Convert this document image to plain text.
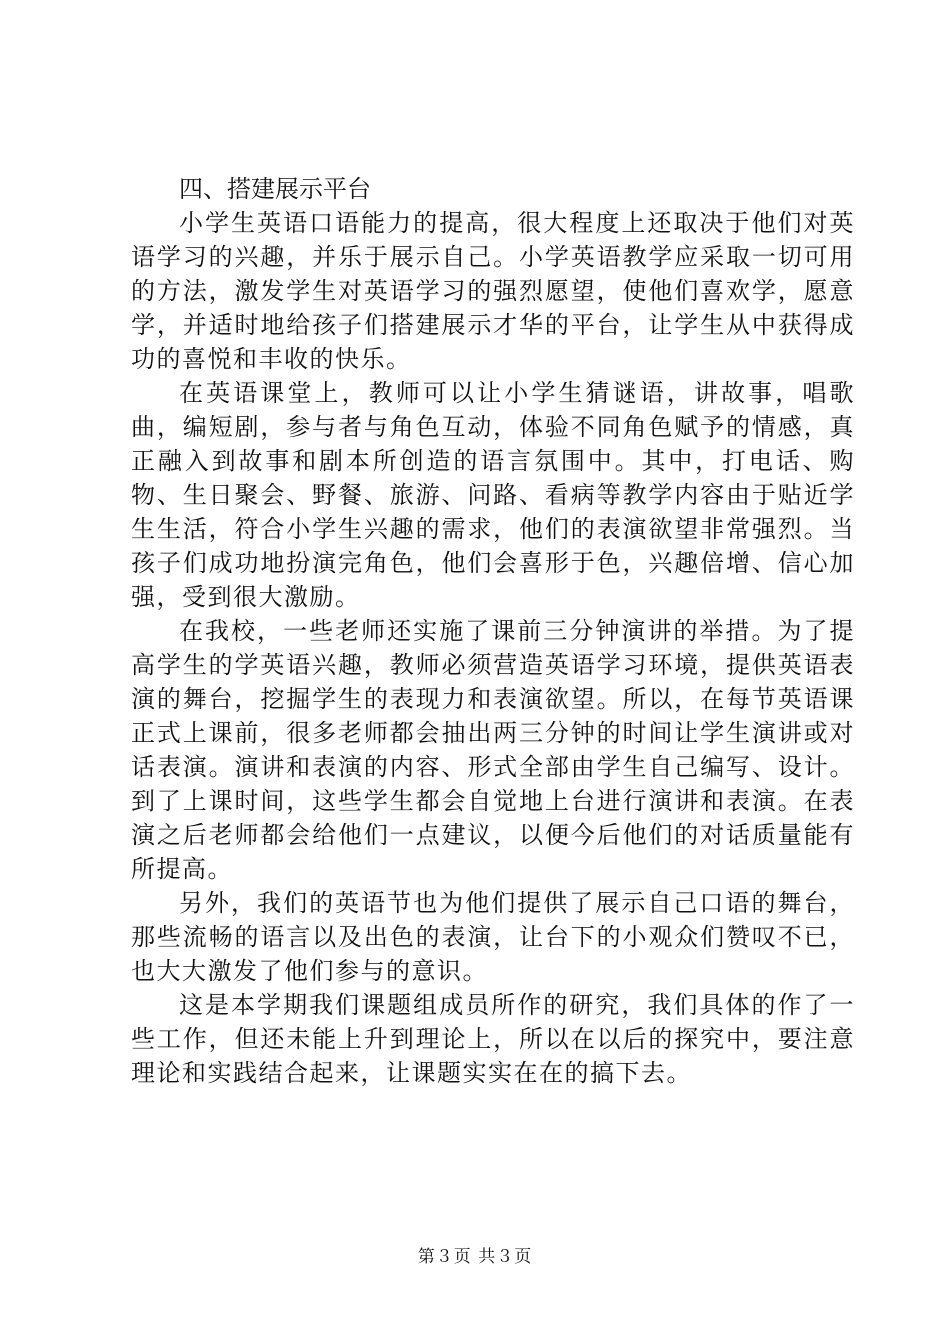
四、搭建展示平台

小学生英语口语能力的提高，很大程度上还取决于他们对英语学习的兴趣，并乐于展示自己。小学英语教学应采取一切可用的方法，激发学生对英语学习的强烈愿望，使他们喜欢学，愿意学，并适时地给孩子们搭建展示才华的平台，让学生从中获得成功的喜悦和丰收的快乐。

在英语课堂上，教师可以让小学生猜谜语，讲故事，唱歌曲，编短剧，参与者与角色互动，体验不同角色赋予的情感，真正融入到故事和剧本所创造的语言氛围中。其中，打电话、购物、生日聚会、野餐、旅游、问路、看病等教学内容由于贴近学生生活，符合小学生兴趣的需求，他们的表演欲望非常强烈。当孩子们成功地扮演完角色，他们会喜形于色，兴趣倍增、信心加强，受到很大激励。

在我校，一些老师还实施了课前三分钟演讲的举措。为了提高学生的学英语兴趣，教师必须营造英语学习环境，提供英语表演的舞台，挖掘学生的表现力和表演欲望。所以，在每节英语课正式上课前，很多老师都会抽出两三分钟的时间让学生演讲或对话表演。演讲和表演的内容、形式全部由学生自己编写、设计。到了上课时间，这些学生都会自觉地上台进行演讲和表演。在表演之后老师都会给他们一点建议，以便今后他们的对话质量能有所提高。

另外，我们的英语节也为他们提供了展示自己口语的舞台，那些流畅的语言以及出色的表演，让台下的小观众们赞叹不已，也大大激发了他们参与的意识。

这是本学期我们课题组成员所作的研究，我们具体的作了一些工作，但还未能上升到理论上，所以在以后的探究中，要注意理论和实践结合起来，让课题实实在在的搞下去。

第３页 共３页
